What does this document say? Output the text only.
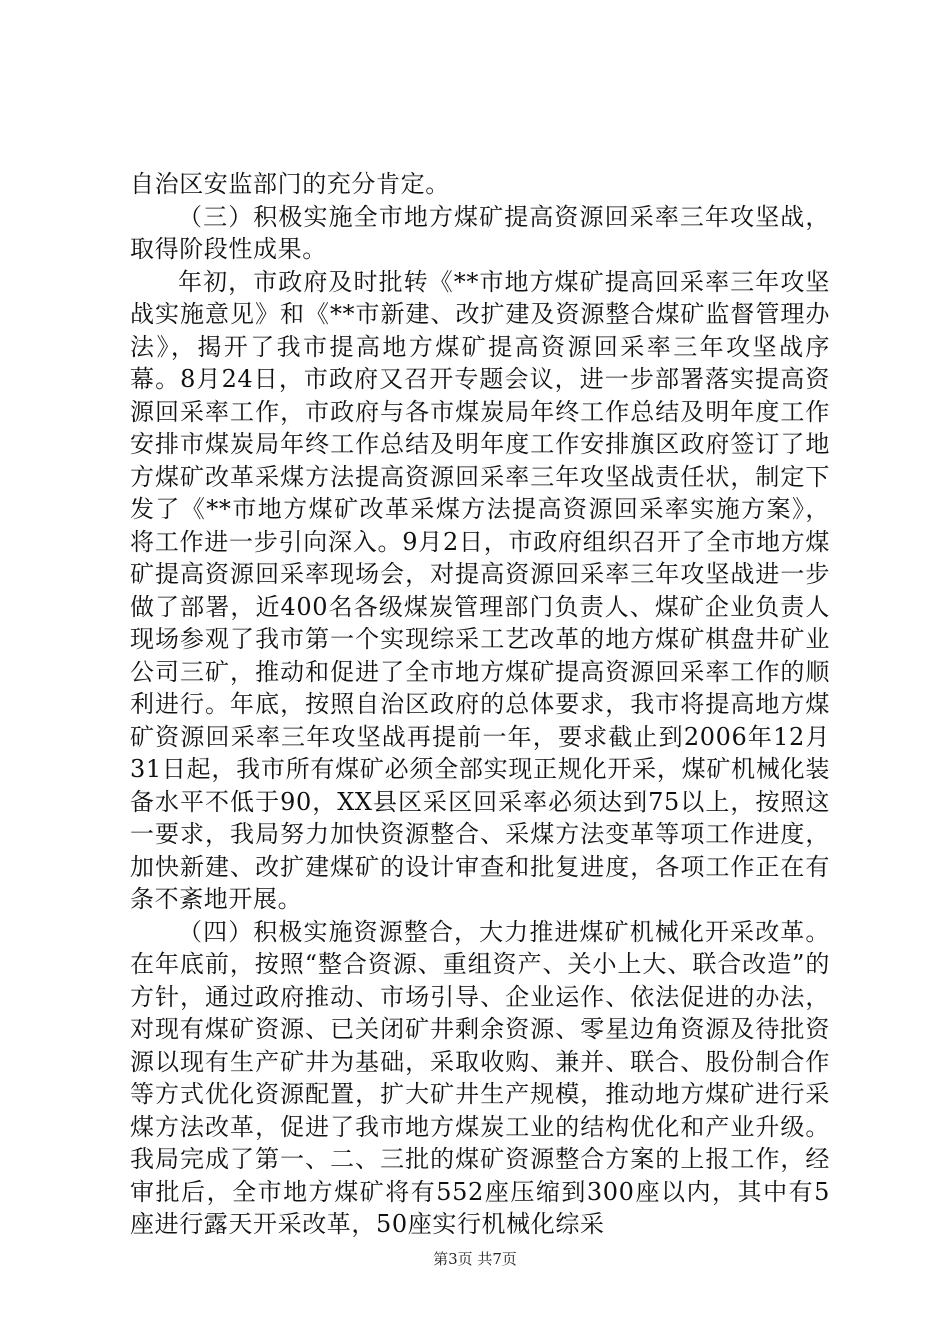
自治区安监部门的充分肯定。

（三）积极实施全市地方煤矿提高资源回采率三年攻坚战，取得阶段性成果。

年初，市政府及时批转《**市地方煤矿提高回采率三年攻坚战实施意见》和《**市新建、改扩建及资源整合煤矿监督管理办法》，揭开了我市提高地方煤矿提高资源回采率三年攻坚战序幕。8月24日，市政府又召开专题会议，进一步部署落实提高资源回采率工作，市政府与各市煤炭局年终工作总结及明年度工作安排市煤炭局年终工作总结及明年度工作安排旗区政府签订了地方煤矿改革采煤方法提高资源回采率三年攻坚战责任状，制定下发了《**市地方煤矿改革采煤方法提高资源回采率实施方案》，将工作进一步引向深入。9月2日，市政府组织召开了全市地方煤矿提高资源回采率现场会，对提高资源回采率三年攻坚战进一步做了部署，近400名各级煤炭管理部门负责人、煤矿企业负责人现场参观了我市第一个实现综采工艺改革的地方煤矿棋盘井矿业公司三矿，推动和促进了全市地方煤矿提高资源回采率工作的顺利进行。年底，按照自治区政府的总体要求，我市将提高地方煤矿资源回采率三年攻坚战再提前一年，要求截止到2006年12月31日起，我市所有煤矿必须全部实现正规化开采，煤矿机械化装备水平不低于90，XX县区采区回采率必须达到75以上，按照这一要求，我局努力加快资源整合、采煤方法变革等项工作进度，加快新建、改扩建煤矿的设计审查和批复进度，各项工作正在有条不紊地开展。

（四）积极实施资源整合，大力推进煤矿机械化开采改革。在年底前，按照“整合资源、重组资产、关小上大、联合改造”的方针，通过政府推动、市场引导、企业运作、依法促进的办法，对现有煤矿资源、已关闭矿井剩余资源、零星边角资源及待批资源以现有生产矿井为基础，采取收购、兼并、联合、股份制合作等方式优化资源配置，扩大矿井生产规模，推动地方煤矿进行采煤方法改革，促进了我市地方煤炭工业的结构优化和产业升级。我局完成了第一、二、三批的煤矿资源整合方案的上报工作，经审批后，全市地方煤矿将有552座压缩到300座以内，其中有5座进行露天开采改革，50座实行机械化综采

第3页 共7页
